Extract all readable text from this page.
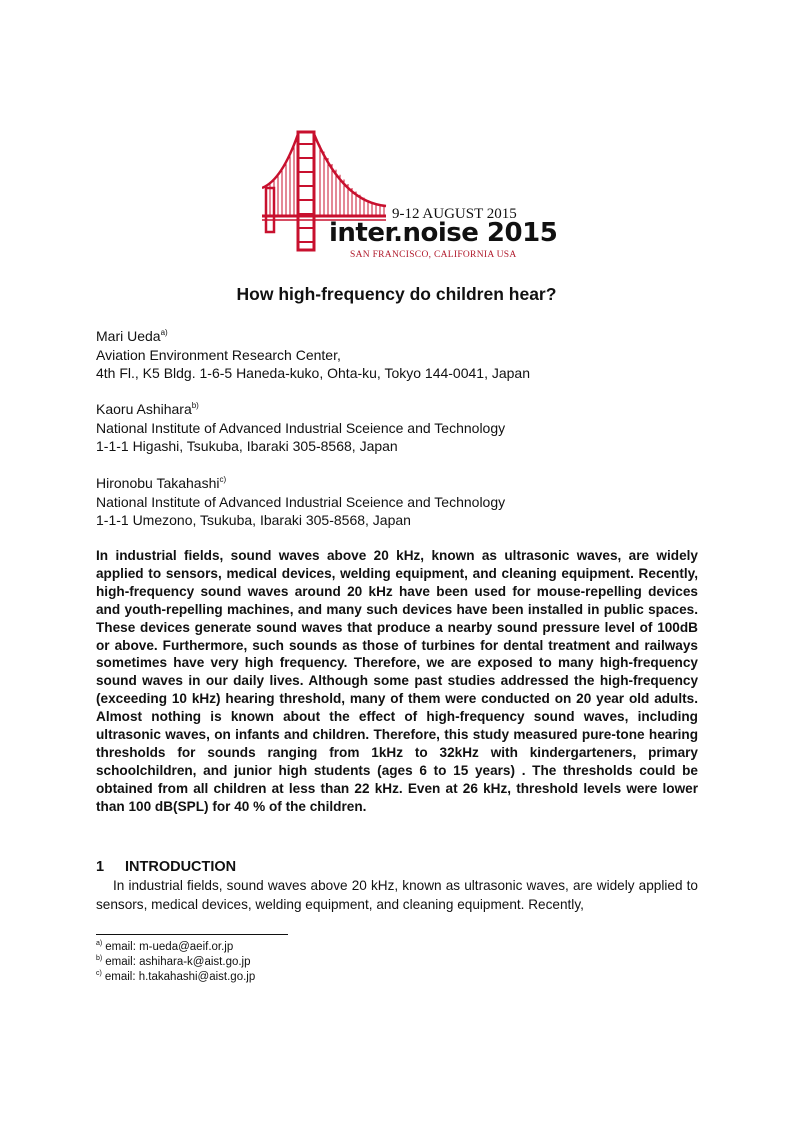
9-12 AUGUST 2015
inter.noise 2015
SAN FRANCISCO, CALIFORNIA USA
How high-frequency do children hear?
Mari Ueda$^{a)}$
Aviation Environment Research Center,
4th Fl., K5 Bldg. 1-6-5 Haneda-kuko, Ohta-ku, Tokyo 144-0041, Japan
Kaoru Ashihara$^{b)}$
National Institute of Advanced Industrial Sceience and Technology
1-1-1 Higashi, Tsukuba, Ibaraki 305-8568, Japan
Hironobu Takahashi$^{c)}$
National Institute of Advanced Industrial Sceience and Technology
1-1-1 Umezono, Tsukuba, Ibaraki 305-8568, Japan

In industrial fields, sound waves above 20 kHz, known as ultrasonic waves, are widely applied to sensors, medical devices, welding equipment, and cleaning equipment. Recently, high-frequency sound waves around 20 kHz have been used for mouse-repelling devices and youth-repelling machines, and many such devices have been installed in public spaces. These devices generate sound waves that produce a nearby sound pressure level of 100dB or above. Furthermore, such sounds as those of turbines for dental treatment and railways sometimes have very high frequency. Therefore, we are exposed to many high-frequency sound waves in our daily lives. Although some past studies addressed the high-frequency (exceeding 10 kHz) hearing threshold, many of them were conducted on 20 year old adults. Almost nothing is known about the effect of high-frequency sound waves, including ultrasonic waves, on infants and children. Therefore, this study measured pure-tone hearing thresholds for sounds ranging from 1kHz to 32kHz with kindergarteners, primary schoolchildren, and junior high students (ages 6 to 15 years) . The thresholds could be obtained from all children at less than 22 kHz. Even at 26 kHz, threshold levels were lower than 100 dB(SPL) for 40 % of the children.

1 INTRODUCTION

In industrial fields, sound waves above 20 kHz, known as ultrasonic waves, are widely applied to sensors, medical devices, welding equipment, and cleaning equipment. Recently,

$^{a)}$ email: m-ueda@aeif.or.jp
$^{b)}$ email: ashihara-k@aist.go.jp
$^{c)}$ email: h.takahashi@aist.go.jp
